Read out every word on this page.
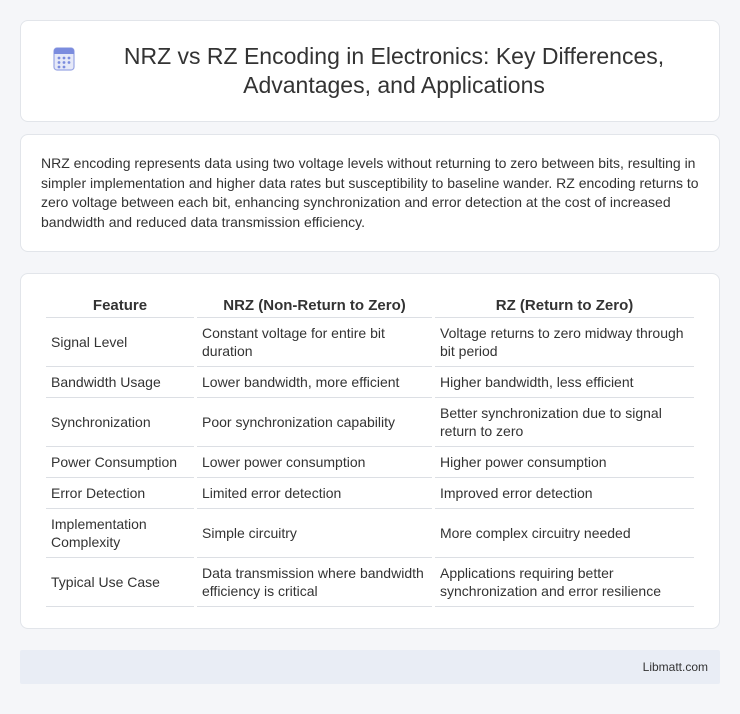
NRZ vs RZ Encoding in Electronics: Key Differences, Advantages, and Applications

NRZ encoding represents data using two voltage levels without returning to zero between bits, resulting in simpler implementation and higher data rates but susceptibility to baseline wander. RZ encoding returns to zero voltage between each bit, enhancing synchronization and error detection at the cost of increased bandwidth and reduced data transmission efficiency.

Feature	NRZ (Non-Return to Zero)	RZ (Return to Zero)
Signal Level	Constant voltage for entire bit duration	Voltage returns to zero midway through bit period
Bandwidth Usage	Lower bandwidth, more efficient	Higher bandwidth, less efficient
Synchronization	Poor synchronization capability	Better synchronization due to signal return to zero
Power Consumption	Lower power consumption	Higher power consumption
Error Detection	Limited error detection	Improved error detection
Implementation Complexity	Simple circuitry	More complex circuitry needed
Typical Use Case	Data transmission where bandwidth efficiency is critical	Applications requiring better synchronization and error resilience
Libmatt.com
